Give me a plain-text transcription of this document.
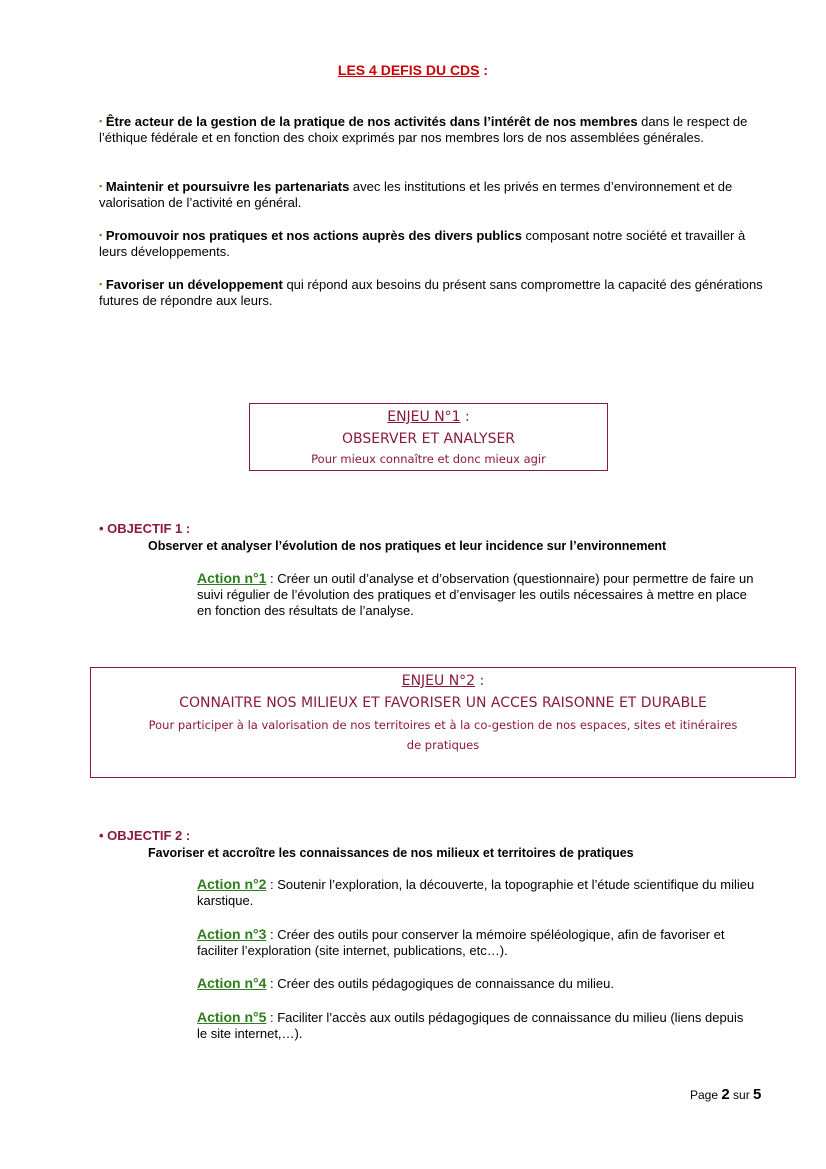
LES 4 DEFIS DU CDS :
▪ Être acteur de la gestion de la pratique de nos activités dans l’intérêt de nos membres dans le respect de l’éthique fédérale et en fonction des choix exprimés par nos membres lors de nos assemblées générales.
▪ Maintenir et poursuivre les partenariats avec les institutions et les privés en termes d’environnement et de valorisation de l’activité en général.
▪ Promouvoir nos pratiques et nos actions auprès des divers publics composant notre société et travailler à leurs développements.
▪ Favoriser un développement qui répond aux besoins du présent sans compromettre la capacité des générations futures de répondre aux leurs.
ENJEU N°1 :
OBSERVER ET ANALYSER
Pour mieux connaître et donc mieux agir
• OBJECTIF 1 :
Observer et analyser l’évolution de nos pratiques et leur incidence sur l’environnement
Action n°1 : Créer un outil d’analyse et d’observation (questionnaire) pour permettre de faire un suivi régulier de l’évolution des pratiques et d’envisager les outils nécessaires à mettre en place en fonction des résultats de l’analyse.
ENJEU N°2 :
CONNAITRE NOS MILIEUX ET FAVORISER UN ACCES RAISONNE ET DURABLE
Pour participer à la valorisation de nos territoires et à la co-gestion de nos espaces, sites et itinéraires de pratiques
• OBJECTIF 2 :
Favoriser et accroître les connaissances de nos milieux et territoires de pratiques
Action n°2 : Soutenir l’exploration, la découverte, la topographie et l’étude scientifique du milieu karstique.
Action n°3 : Créer des outils pour conserver la mémoire spéléologique, afin de favoriser et faciliter l’exploration (site internet, publications, etc…).
Action n°4 : Créer des outils pédagogiques de connaissance du milieu.
Action n°5 : Faciliter l’accès aux outils pédagogiques de connaissance du milieu (liens depuis le site internet,…).
Page 2 sur 5
